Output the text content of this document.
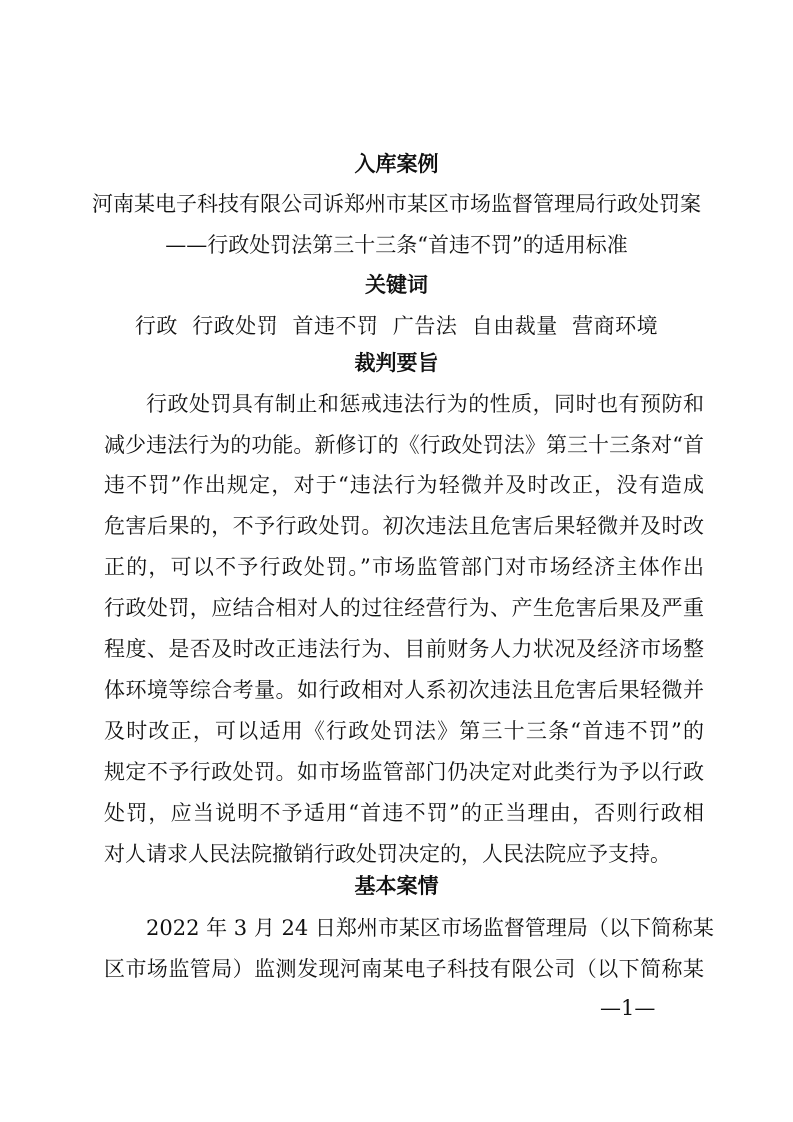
入库案例
河南某电子科技有限公司诉郑州市某区市场监督管理局行政处罚案
——行政处罚法第三十三条“首违不罚”的适用标准
关键词
行政  行政处罚  首违不罚  广告法  自由裁量  营商环境
裁判要旨
行政处罚具有制止和惩戒违法行为的性质，同时也有预防和
减少违法行为的功能。新修订的《行政处罚法》第三十三条对“首
违不罚”作出规定，对于“违法行为轻微并及时改正，没有造成
危害后果的，不予行政处罚。初次违法且危害后果轻微并及时改
正的，可以不予行政处罚。”市场监管部门对市场经济主体作出
行政处罚，应结合相对人的过往经营行为、产生危害后果及严重
程度、是否及时改正违法行为、目前财务人力状况及经济市场整
体环境等综合考量。如行政相对人系初次违法且危害后果轻微并
及时改正，可以适用《行政处罚法》第三十三条“首违不罚”的
规定不予行政处罚。如市场监管部门仍决定对此类行为予以行政
处罚，应当说明不予适用“首违不罚”的正当理由，否则行政相
对人请求人民法院撤销行政处罚决定的，人民法院应予支持。
基本案情
2022 年 3 月 24 日郑州市某区市场监督管理局（以下简称某
区市场监管局）监测发现河南某电子科技有限公司（以下简称某
—1—
